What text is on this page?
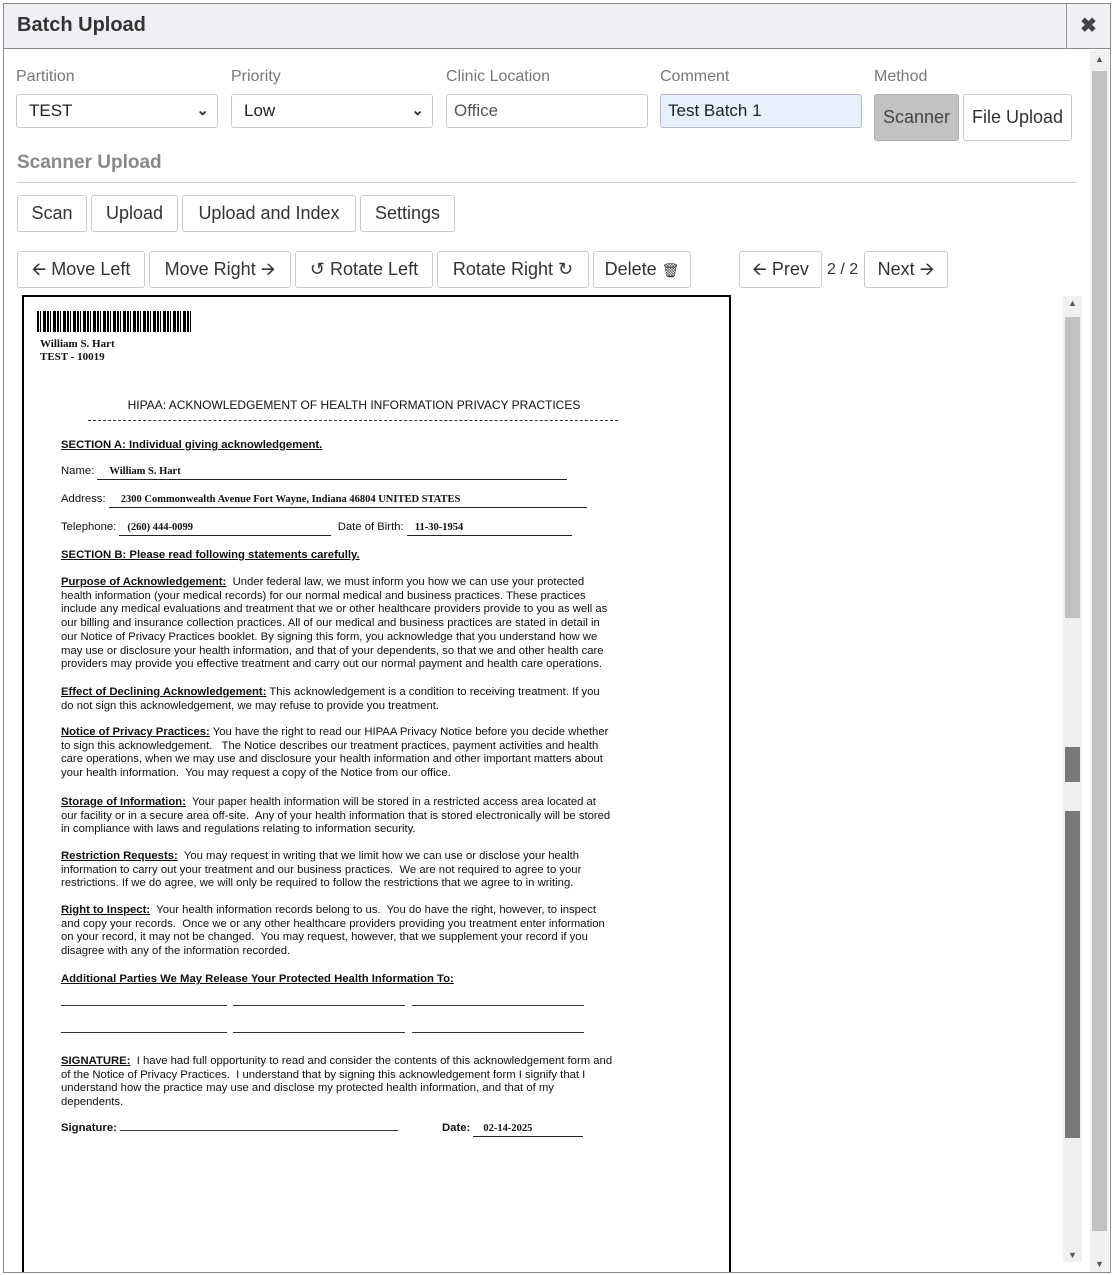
Batch Upload	✖
Partition
TEST	⌄
Priority
Low	⌄
Clinic Location
Office
Comment
Test Batch 1
Method
Scanner	File Upload
Scanner Upload
Scan	Upload	Upload and Index	Settings
🡨 Move Left	Move Right 🡪	↺ Rotate Left	Rotate Right ↻	Delete 🗑	🡨 Prev	2 / 2	Next 🡪
William S. Hart
TEST - 10019
HIPAA: ACKNOWLEDGEMENT OF HEALTH INFORMATION PRIVACY PRACTICES
SECTION A: Individual giving acknowledgement.
Name: William S. Hart
Address: 2300 Commonwealth Avenue Fort Wayne, Indiana 46804 UNITED STATES
Telephone: (260) 444-0099	Date of Birth: 11-30-1954
SECTION B: Please read following statements carefully.
Purpose of Acknowledgement:  Under federal law, we must inform you how we can use your protected
health information (your medical records) for our normal medical and business practices. These practices
include any medical evaluations and treatment that we or other healthcare providers provide to you as well as
our billing and insurance collection practices. All of our medical and business practices are stated in detail in
our Notice of Privacy Practices booklet. By signing this form, you acknowledge that you understand how we
may use or disclosure your health information, and that of your dependents, so that we and other health care
providers may provide you effective treatment and carry out our normal payment and health care operations.
Effect of Declining Acknowledgement: This acknowledgement is a condition to receiving treatment. If you
do not sign this acknowledgement, we may refuse to provide you treatment.
Notice of Privacy Practices: You have the right to read our HIPAA Privacy Notice before you decide whether
to sign this acknowledgement.   The Notice describes our treatment practices, payment activities and health
care operations, when we may use and disclosure your health information and other important matters about
your health information.  You may request a copy of the Notice from our office.
Storage of Information:  Your paper health information will be stored in a restricted access area located at
our facility or in a secure area off-site.  Any of your health information that is stored electronically will be stored
in compliance with laws and regulations relating to information security.
Restriction Requests:  You may request in writing that we limit how we can use or disclose your health
information to carry out your treatment and our business practices.  We are not required to agree to your
restrictions. If we do agree, we will only be required to follow the restrictions that we agree to in writing.
Right to Inspect:  Your health information records belong to us.  You do have the right, however, to inspect
and copy your records.  Once we or any other healthcare providers providing you treatment enter information
on your record, it may not be changed.  You may request, however, that we supplement your record if you
disagree with any of the information recorded.
Additional Parties We May Release Your Protected Health Information To:

SIGNATURE:  I have had full opportunity to read and consider the contents of this acknowledgement form and
of the Notice of Privacy Practices.  I understand that by signing this acknowledgement form I signify that I
understand how the practice may use and disclose my protected health information, and that of my
dependents.
Signature:	Date: 02-14-2025
▲
▼
▲
▼
